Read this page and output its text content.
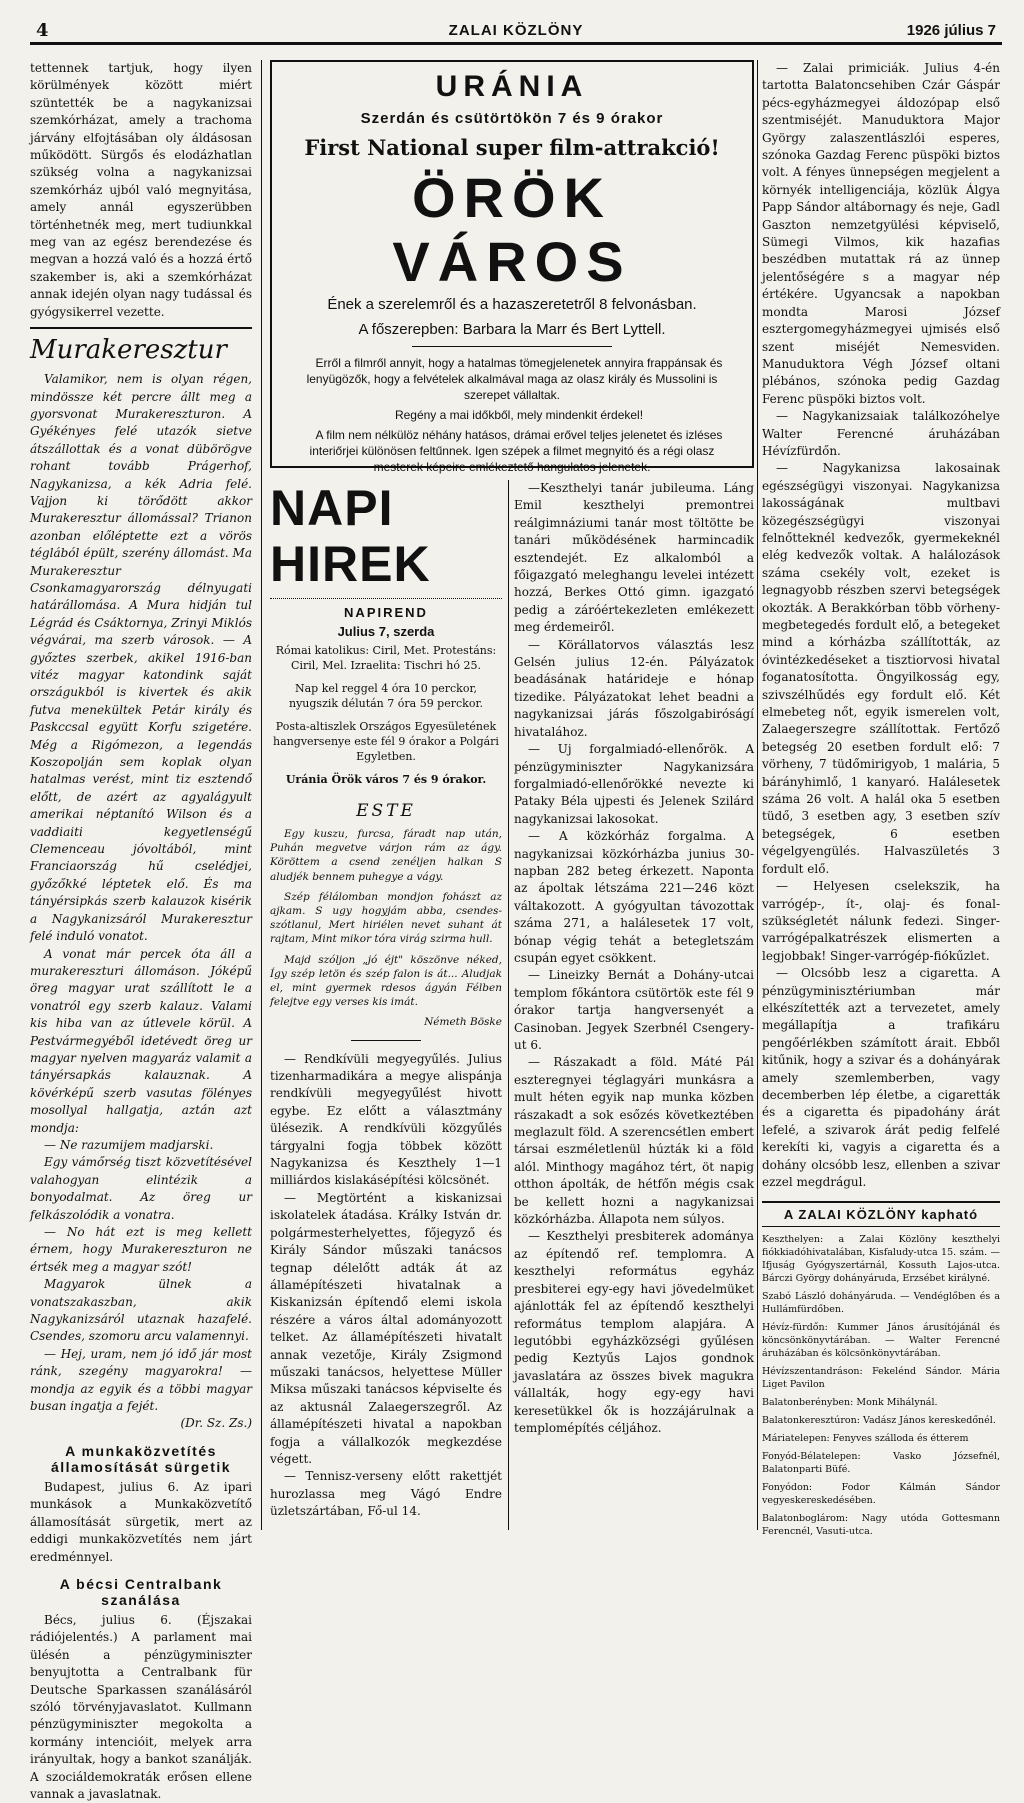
4	ZALAI KÖZLÖNY	1926 július 7

tettennek tartjuk, hogy ilyen körülmények között miért szüntették be a nagykanizsai szemkórházat, amely a trachoma járvány elfojtásában oly áldásosan működött. Sürgős és elodázhatlan szükség volna a nagykanizsai szemkórház ujból való megnyitása, amely annál egyszerübben történhetnék meg, mert tudiunkkal meg van az egész berendezése és megvan a hozzá való és a hozzá értő szakember is, aki a szemkórházat annak idején olyan nagy tudással és gyógysikerrel vezette.

Murakeresztur

Valamikor, nem is olyan régen, mindössze két percre állt meg a gyorsvonat Murakereszturon. A Gyékényes felé utazók sietve átszállottak és a vonat dübörögve rohant tovább Prágerhof, Nagykanizsa, a kék Adria felé. Vajjon ki törődött akkor Murakeresztur állomással? Trianon azonban előléptette ezt a vörös téglából épült, szerény állomást. Ma Murakeresztur Csonkamagyarország délnyugati határállomása. A Mura hidján tul Légrád és Csáktornya, Zrinyi Miklós végvárai, ma szerb városok. — A győztes szerbek, akikel 1916-ban vitéz magyar katondink saját országukból is kivertek és akik futva menekültek Petár király és Paskccsal együtt Korfu szigetére. Még a Rigómezon, a legendás Koszopolján sem koplak olyan hatalmas verést, mint tiz esztendő előtt, de azért az agyalágyult amerikai néptanító Wilson és a vaddiaiti kegyetlenségű Clemenceau jóvoltából, mint Franciaország hű cselédjei, győzőkké léptetek elő. És ma tányérsipkás szerb kalauzok kisérik a Nagykanizsáról Murakeresztur felé induló vonatot.

A vonat már percek óta áll a murakereszturi állomáson. Jóképű öreg magyar urat szállított le a vonatról egy szerb kalauz. Valami kis hiba van az útlevele körül. A Pestvármegyéből idetévedt öreg ur magyar nyelven magyaráz valamit a tányérsapkás kalauznak. A kövérképű szerb vasutas fölényes mosollyal hallgatja, aztán azt mondja:

— Ne razumijem madjarski.

Egy vámőrség tiszt közvetítésével valahogyan elintézik a bonyodalmat. Az öreg ur felkászolódik a vonatra.

— No hát ezt is meg kellett érnem, hogy Murakereszturon ne értsék meg a magyar szót!

Magyarok ülnek a vonatszakaszban, akik Nagykanizsáról utaznak hazafelé. Csendes, szomoru arcu valamennyi.

— Hej, uram, nem jó idő jár most ránk, szegény magyarokra! — mondja az egyik és a többi magyar busan ingatja a fejét.

(Dr. Sz. Zs.)

A munkaközvetítés államosítását sürgetik

Budapest, julius 6. Az ipari munkások a Munkaközvetítő államosítását sürgetik, mert az eddigi munkaközvetítés nem járt eredménnyel.

A bécsi Centralbank szanálása

Bécs, julius 6. (Éjszakai rádiójelentés.) A parlament mai ülésén a pénzügyminiszter benyujtotta a Centralbank für Deutsche Sparkassen szanálásáról szóló törvényjavaslatot. Kullmann pénzügyminiszter megokolta a kormány intencióit, melyek arra irányultak, hogy a bankot szanálják. A szociáldemokraták erősen ellene vannak a javaslatnak.

URÁNIA
Szerdán és csütörtökön 7 és 9 órakor
First National super film-attrakció!
ÖRÖK VÁROS
Ének a szerelemről és a hazaszeretetről 8 felvonásban.
A főszerepben: Barbara la Marr és Bert Lyttell.

Erről a filmről annyit, hogy a hatalmas tömegjelenetek annyira frappánsak és lenyügözők, hogy a felvételek alkalmával maga az olasz király és Mussolini is szerepet vállaltak.

Regény a mai időkből, mely mindenkit érdekel!

A film nem nélkülöz néhány hatásos, drámai erővel teljes jelenetet és izléses interiőrjei különösen feltűnnek. Igen szépek a filmet megnyitó és a régi olasz mesterek képeire emlékeztető hangulatos jelenetek.

NAPI HIREK
NAPIREND
Julius 7, szerda
Római katolikus: Ciril, Met. Protestáns: Ciril, Mel. Izraelita: Tischri hó 25.
Nap kel reggel 4 óra 10 perckor, nyugszik délután 7 óra 59 perckor.
Posta-altiszlek Országos Egyesületének hangversenye este fél 9 órakor a Polgári Egyletben.
Uránia Örök város 7 és 9 órakor.
ESTE

Egy kuszu, furcsa, fáradt nap után, Puhán megvetve várjon rám az ágy. Köröttem a csend zenéljen halkan S aludjék bennem puhegye a vágy.

Szép félálomban mondjon fohászt az ajkam. S ugy hogyjám abba, csendes-szótlanul, Mert hiriélen nevet suhant át rajtam, Mint mikor tóra virág szirma hull.

Majd szóljon „jó éjt" köszönve néked, Így szép letön és szép falon is át... Aludjak el, mint gyermek rdesos ágyán Félben felejtve egy verses kis imát.

Németh Böske

— Rendkívüli megyegyűlés. Julius tizenharmadikára a megye alispánja rendkívüli megyegyűlést hivott egybe. Ez előtt a választmány ülésezik. A rendkívüli közgyűlés tárgyalni fogja többek között Nagykanizsa és Keszthely 1—1 milliárdos kislakásépítési kölcsönét.

— Megtörtént a kiskanizsai iskolatelek átadása. Králky István dr. polgármesterhelyettes, főjegyző és Király Sándor műszaki tanácsos tegnap délelőtt adták át az államépítészeti hivatalnak a Kiskanizsán építendő elemi iskola részére a város által adományozott telket. Az államépítészeti hivatalt annak vezetője, Király Zsigmond műszaki tanácsos, helyettese Müller Miksa műszaki tanácsos képviselte és az aktusnál Zalaegerszegről. Az államépítészeti hivatal a napokban fogja a vállalkozók megkezdése végett.

— Tennisz-verseny előtt rakettjét hurozlassa meg Vágó Endre üzletszártában, Fő-ul 14.

—Keszthelyi tanár jubileuma. Láng Emil keszthelyi premontrei reálgimnáziumi tanár most töltötte be tanári működésének harmincadik esztendejét. Ez alkalomból a főigazgató meleghangu levelei intézett hozzá, Berkes Ottó gimn. igazgató pedig a záróértekezleten emlékezett meg érdemeiről.

— Körállatorvos választás lesz Gelsén julius 12-én. Pályázatok beadásának határideje e hónap tizedike. Pályázatokat lehet beadni a nagykanizsai járás főszolgabiróságí hivatalához.

— Uj forgalmiadó-ellenőrök. A pénzügyminiszter Nagykanizsára forgalmiadó-ellenőrökké nevezte ki Pataky Béla ujpesti és Jelenek Szilárd nagykanizsai lakosokat.

— A közkórház forgalma. A nagykanizsai közkórházba junius 30-napban 282 beteg érkezett. Naponta az ápoltak létszáma 221—246 közt váltakozott. A gyógyultan távozottak száma 271, a halálesetek 17 volt, bónap végig tehát a betegletszám csupán egyet csökkent.

— Lineizky Bernát a Dohány-utcai templom főkántora csütörtök este fél 9 órakor tartja hangversenyét a Casinoban. Jegyek Szerbnél Csengery-ut 6.

— Rászakadt a föld. Máté Pál eszteregnyei téglagyári munkásra a mult héten egyik nap munka közben rászakadt a sok esőzés következtében meglazult föld. A szerencsétlen embert társai eszméletlenül húzták ki a föld alól. Minthogy magához tért, öt napig otthon ápolták, de hétfőn mégis csak be kellett hozni a nagykanizsai közkórházba. Állapota nem súlyos.

— Keszthelyi presbiterek adománya az építendő ref. templomra. A keszthelyi református egyház presbiterei egy-egy havi jövedelmüket ajánlották fel az építendő keszthelyi református templom alapjára. A legutóbbi egyházközségi gyűlésen pedig Keztyűs Lajos gondnok javaslatára az összes bivek magukra vállalták, hogy egy-egy havi keresetükkel ők is hozzájárulnak a templomépítés céljához.

— Zalai primiciák. Julius 4-én tartotta Balatoncsehiben Czár Gáspár pécs-egyházmegyei áldozópap első szentmiséjét. Manuduktora Major György zalaszentlászlói esperes, szónoka Gazdag Ferenc püspöki biztos volt. A fényes ünnepségen megjelent a környék intelligenciája, közlük Álgya Papp Sándor altábornagy és neje, Gadl Gaszton nemzetgyülési képviselő, Sümegi Vilmos, kik hazafias beszédben mutattak rá az ünnep jelentőségére s a magyar nép értékére. Ugyancsak a napokban mondta Marosi József esztergomegyházmegyei ujmisés első szent miséjét Nemesviden. Manuduktora Végh József oltani plébános, szónoka pedig Gazdag Ferenc püspöki biztos volt.

— Nagykanizsaiak találkozóhelye Walter Ferencné áruházában Hévízfürdőn.

— Nagykanizsa lakosainak egészségügyi viszonyai. Nagykanizsa lakosságának multbavi közegészségügyi viszonyai felnőtteknél kedvezők, gyermekeknél elég kedvezők voltak. A halálozások száma csekély volt, ezeket is legnagyobb részben szervi betegségek okozták. A Berakkórban több vörheny-megbetegedés fordult elő, a betegeket mind a kórházba szállították, az óvintézkedéseket a tisztiorvosi hivatal foganatosította. Öngyilkosság egy, szivszélhűdés egy fordult elő. Két elmebeteg nőt, egyik ismerelen volt, Zalaegerszegre szállítottak. Fertőző betegség 20 esetben fordult elő: 7 vörheny, 7 tüdőmirigyob, 1 malária, 5 bárányhimlő, 1 kanyaró. Halálesetek száma 26 volt. A halál oka 5 esetben tüdő, 3 esetben agy, 3 esetben szív betegségek, 6 esetben végelgyengülés. Halvaszületés 3 fordult elő.

— Helyesen cselekszik, ha varrógép-, ít-, olaj- és fonal-szükségletét nálunk fedezi. Singer-varrógépalkatrészek elismerten a legjobbak! Singer-varrógép-fiókűzlet.

— Olcsóbb lesz a cigaretta. A pénzügyminisztériumban már elkészítették azt a tervezetet, amely megállapítja a trafikáru pengőérlékben számított árait. Ebből kitűnik, hogy a szivar és a dohányárak amely szemlemberben, vagy decemberben lép életbe, a cigaretták és a cigaretta és pipadohány árát lefelé, a szivarok árát pedig felfelé kerekíti ki, vagyis a cigaretta és a dohány olcsóbb lesz, ellenben a szivar ezzel megdrágul.

A ZALAI KÖZLÖNY kapható
Keszthelyen: a Zalai Közlöny keszthelyi fiókkiadóhivatalában, Kisfaludy-utca 15. szám. — Ifjuság Gyógyszertárnál, Kossuth Lajos-utca. Bárczi György dohányáruda, Erzsébet királyné.
Szabó László dohányáruda. — Vendéglőben és a Hullámfürdőben.
Hévíz-fürdőn: Kummer János árusítójánál és köncsönkönyvtárában. — Walter Ferencné áruházában és kölcsönkönyvtárában.
Hévízszentandráson: Fekelénd Sándor. Mária Liget Pavilon
Balatonberényben: Monk Mihálynál.
Balatonkeresztúron: Vadász János kereskedőnél.
Máriatelepen: Fenyves szálloda és étterem
Fonyód-Bélatelepen: Vasko Józsefnél, Balatonparti Büfé.
Fonyódon: Fodor Kálmán Sándor vegyeskereskedésében.
Balatonboglárom: Nagy utóda Gottesmann Ferencnél, Vasuti-utca.
